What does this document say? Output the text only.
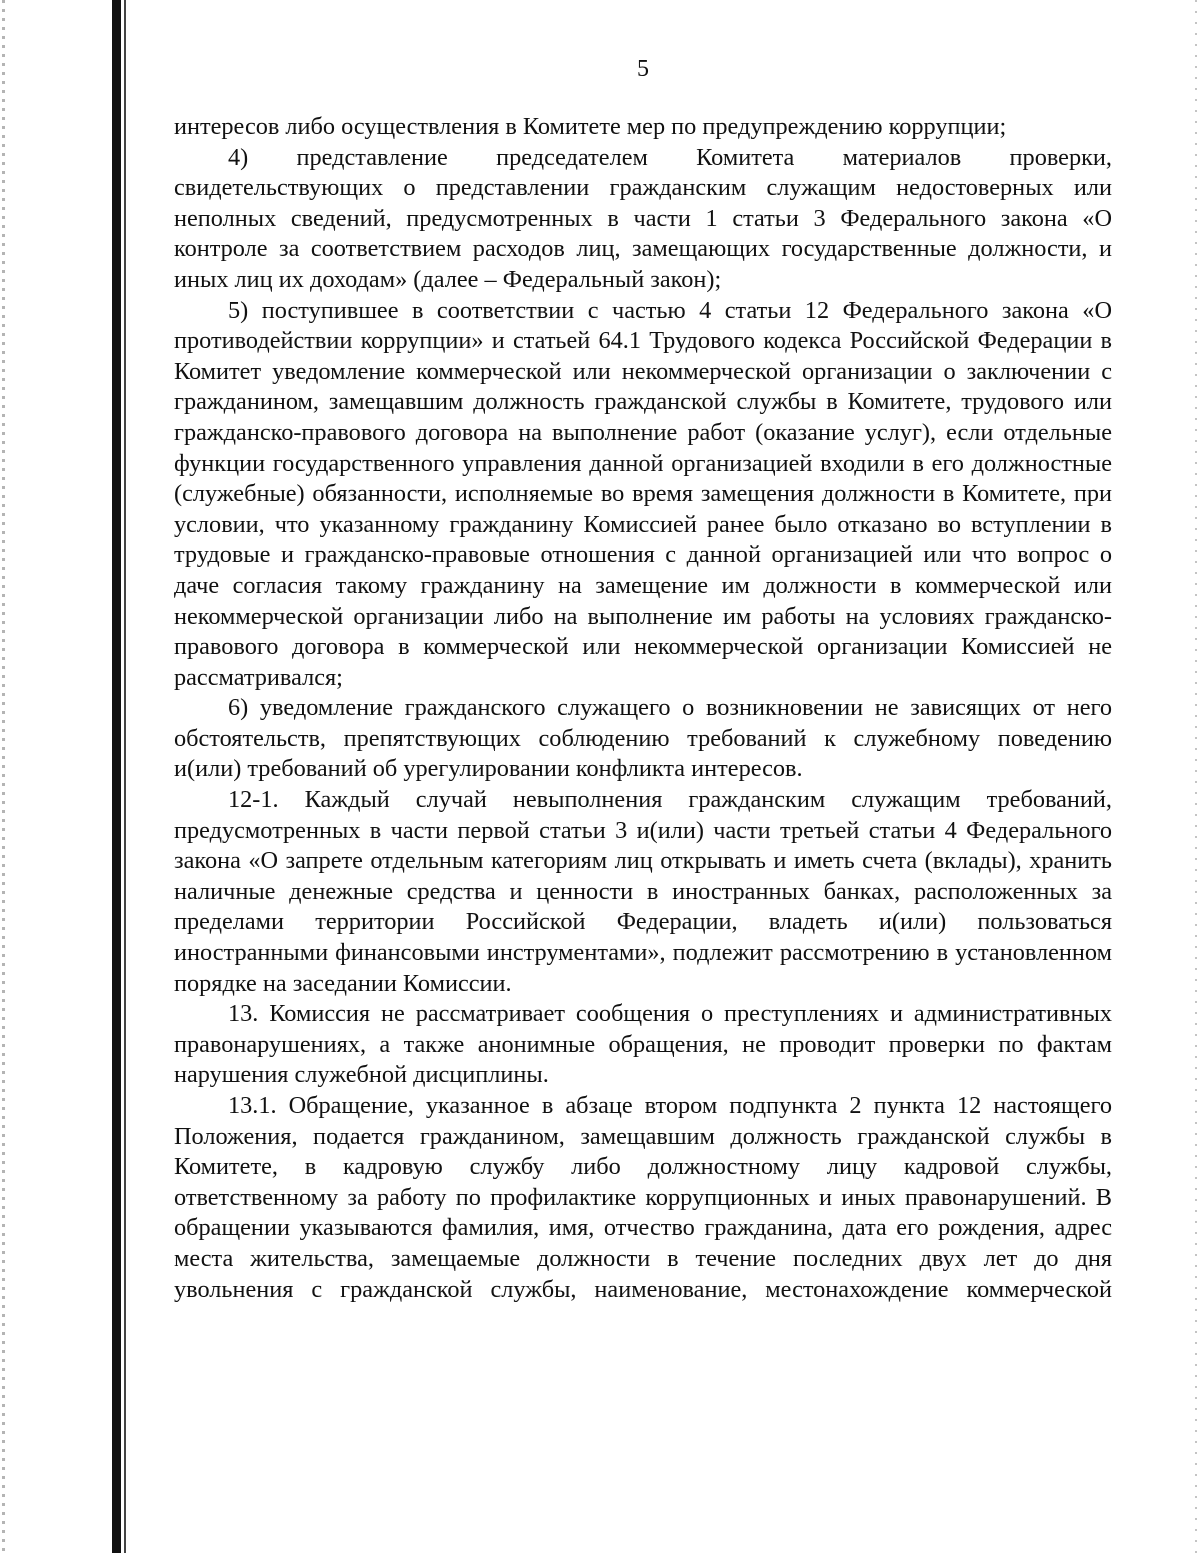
5

интересов либо осуществления в Комитете мер по предупреждению коррупции;

4) представление председателем Комитета материалов проверки, свидетельствующих о представлении гражданским служащим недостоверных или неполных сведений, предусмотренных в части 1 статьи 3 Федерального закона «О контроле за соответствием расходов лиц, замещающих государственные должности, и иных лиц их доходам» (далее – Федеральный закон);

5) поступившее в соответствии с частью 4 статьи 12 Федерального закона «О противодействии коррупции» и статьей 64.1 Трудового кодекса Российской Федерации в Комитет уведомление коммерческой или некоммерческой организации о заключении с гражданином, замещавшим должность гражданской службы в Комитете, трудового или гражданско-правового договора на выполнение работ (оказание услуг), если отдельные функции государственного управления данной организацией входили в его должностные (служебные) обязанности, исполняемые во время замещения должности в Комитете, при условии, что указанному гражданину Комиссией ранее было отказано во вступлении в трудовые и гражданско-правовые отношения с данной организацией или что вопрос о даче согласия такому гражданину на замещение им должности в коммерческой или некоммерческой организации либо на выполнение им работы на условиях гражданско-правового договора в коммерческой или некоммерческой организации Комиссией не рассматривался;

6) уведомление гражданского служащего о возникновении не зависящих от него обстоятельств, препятствующих соблюдению требований к служебному поведению и(или) требований об урегулировании конфликта интересов.

12-1. Каждый случай невыполнения гражданским служащим требований, предусмотренных в части первой статьи 3 и(или) части третьей статьи 4 Федерального закона «О запрете отдельным категориям лиц открывать и иметь счета (вклады), хранить наличные денежные средства и ценности в иностранных банках, расположенных за пределами территории Российской Федерации, владеть и(или) пользоваться иностранными финансовыми инструментами», подлежит рассмотрению в установленном порядке на заседании Комиссии.

13. Комиссия не рассматривает сообщения о преступлениях и административных правонарушениях, а также анонимные обращения, не проводит проверки по фактам нарушения служебной дисциплины.

13.1. Обращение, указанное в абзаце втором подпункта 2 пункта 12 настоящего Положения, подается гражданином, замещавшим должность гражданской службы в Комитете, в кадровую службу либо должностному лицу кадровой службы, ответственному за работу по профилактике коррупционных и иных правонарушений. В обращении указываются фамилия, имя, отчество гражданина, дата его рождения, адрес места жительства, замещаемые должности в течение последних двух лет до дня увольнения с гражданской службы, наименование, местонахождение коммерческой
